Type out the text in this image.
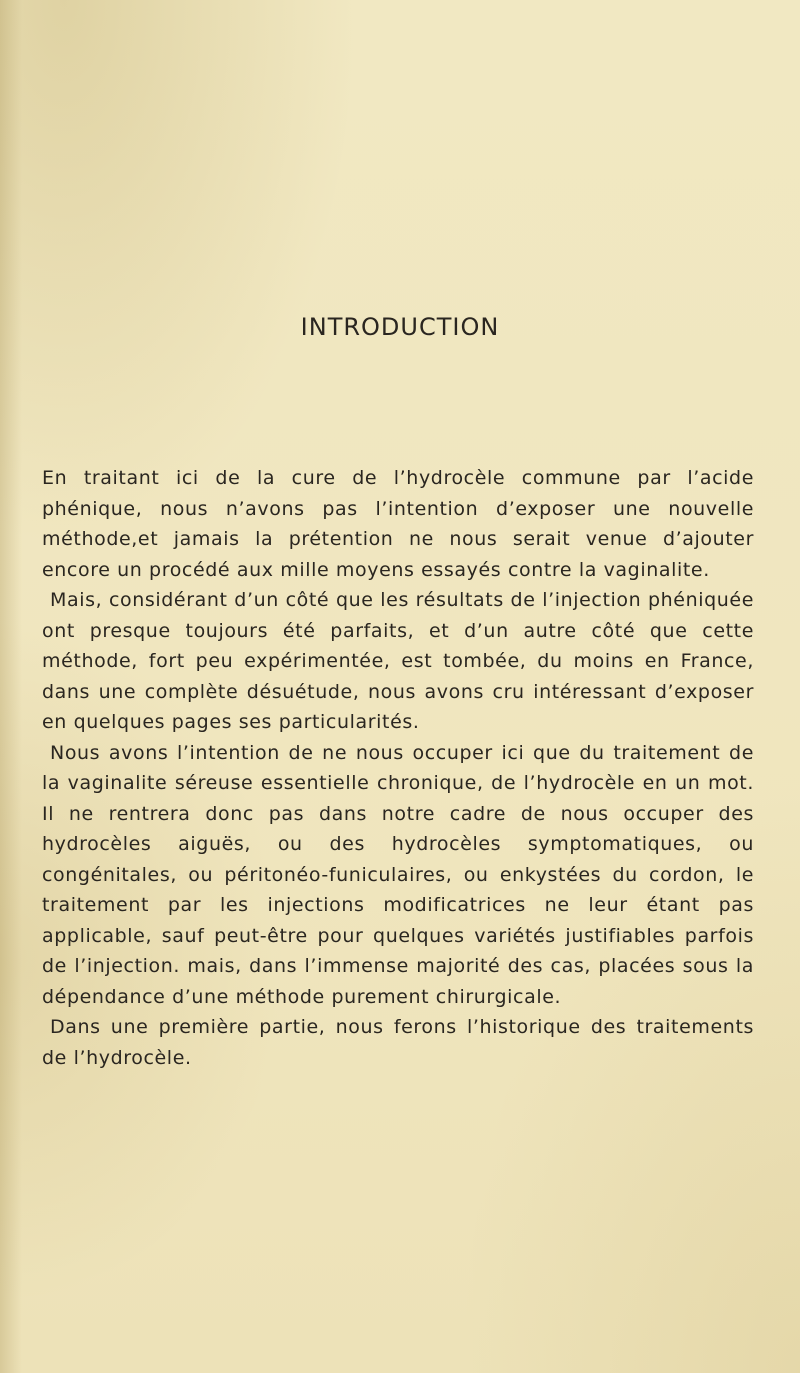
INTRODUCTION

En traitant ici de la cure de l’hydrocèle commune par l’acide phénique, nous n’avons pas l’intention d’exposer une nouvelle méthode,et jamais la prétention ne nous serait venue d’ajouter encore un procédé aux mille moyens essayés contre la vaginalite.

Mais, considérant d’un côté que les résultats de l’injection phéniquée ont presque toujours été parfaits, et d’un autre côté que cette méthode, fort peu expérimentée, est tombée, du moins en France, dans une complète désuétude, nous avons cru intéressant d’exposer en quelques pages ses particularités.

Nous avons l’intention de ne nous occuper ici que du traitement de la vaginalite séreuse essentielle chronique, de l’hydrocèle en un mot. Il ne rentrera donc pas dans notre cadre de nous occuper des hydrocèles aiguës, ou des hydrocèles symptomatiques, ou congénitales, ou péritonéo-funiculaires, ou enkystées du cordon, le traitement par les injections modificatrices ne leur étant pas applicable, sauf peut-être pour quelques variétés justifiables parfois de l’injection. mais, dans l’immense majorité des cas, placées sous la dépendance d’une méthode purement chirurgicale.

Dans une première partie, nous ferons l’historique des traitements de l’hydrocèle.
